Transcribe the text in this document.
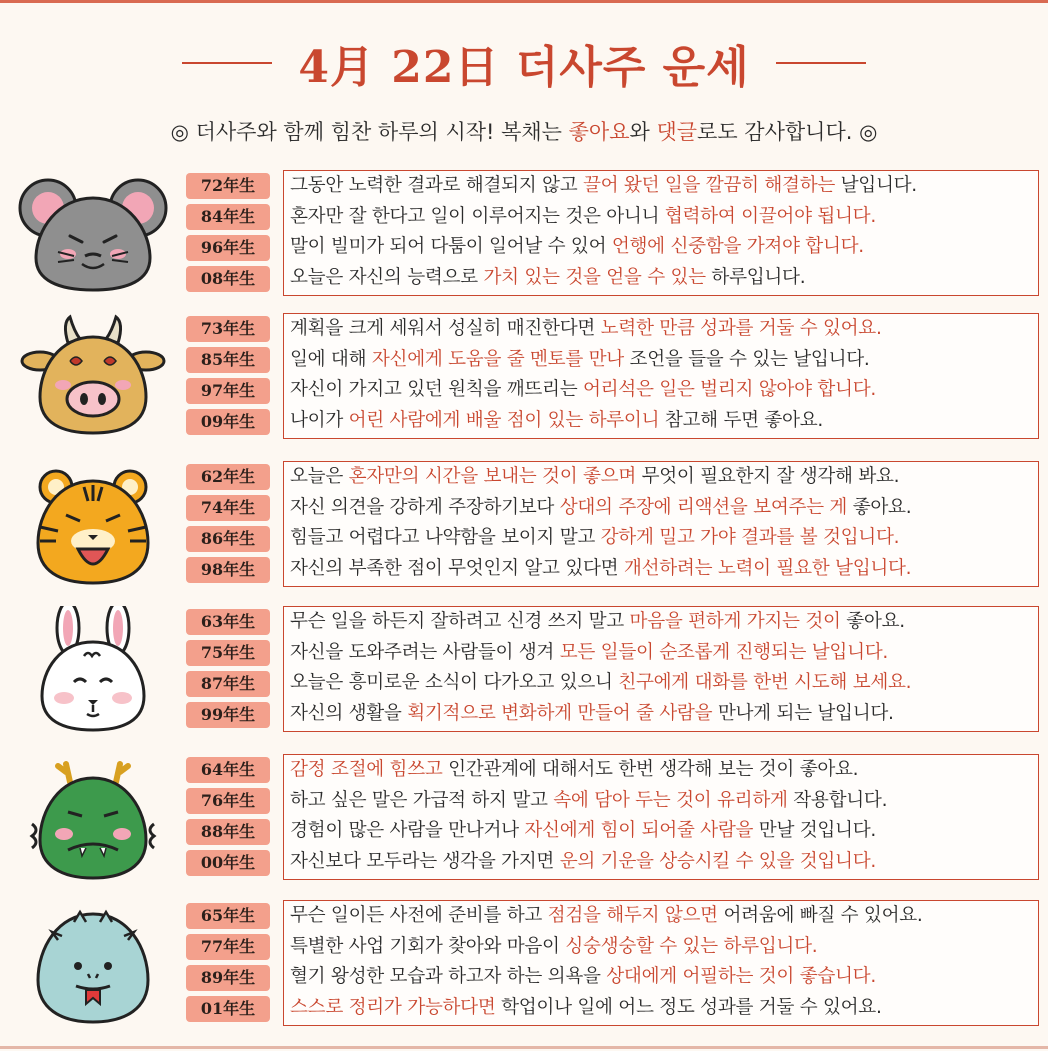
4月 22日 더사주 운세
◎ 더사주와 함께 힘찬 하루의 시작! 복채는 좋아요와 댓글로도 감사합니다. ◎
72年生
84年生
96年生
08年生
그동안 노력한 결과로 해결되지 않고 끌어 왔던 일을 깔끔히 해결하는 날입니다.
혼자만 잘 한다고 일이 이루어지는 것은 아니니 협력하여 이끌어야 됩니다.
말이 빌미가 되어 다툼이 일어날 수 있어 언행에 신중함을 가져야 합니다.
오늘은 자신의 능력으로 가치 있는 것을 얻을 수 있는 하루입니다.
73年生
85年生
97年生
09年生
계획을 크게 세워서 성실히 매진한다면 노력한 만큼 성과를 거둘 수 있어요.
일에 대해 자신에게 도움을 줄 멘토를 만나 조언을 들을 수 있는 날입니다.
자신이 가지고 있던 원칙을 깨뜨리는 어리석은 일은 벌리지 않아야 합니다.
나이가 어린 사람에게 배울 점이 있는 하루이니 참고해 두면 좋아요.
62年生
74年生
86年生
98年生
오늘은 혼자만의 시간을 보내는 것이 좋으며 무엇이 필요한지 잘 생각해 봐요.
자신 의견을 강하게 주장하기보다 상대의 주장에 리액션을 보여주는 게 좋아요.
힘들고 어렵다고 나약함을 보이지 말고 강하게 밀고 가야 결과를 볼 것입니다.
자신의 부족한 점이 무엇인지 알고 있다면 개선하려는 노력이 필요한 날입니다.
63年生
75年生
87年生
99年生
무슨 일을 하든지 잘하려고 신경 쓰지 말고 마음을 편하게 가지는 것이 좋아요.
자신을 도와주려는 사람들이 생겨 모든 일들이 순조롭게 진행되는 날입니다.
오늘은 흥미로운 소식이 다가오고 있으니 친구에게 대화를 한번 시도해 보세요.
자신의 생활을 획기적으로 변화하게 만들어 줄 사람을 만나게 되는 날입니다.
64年生
76年生
88年生
00年生
감정 조절에 힘쓰고 인간관계에 대해서도 한번 생각해 보는 것이 좋아요.
하고 싶은 말은 가급적 하지 말고 속에 담아 두는 것이 유리하게 작용합니다.
경험이 많은 사람을 만나거나 자신에게 힘이 되어줄 사람을 만날 것입니다.
자신보다 모두라는 생각을 가지면 운의 기운을 상승시킬 수 있을 것입니다.
65年生
77年生
89年生
01年生
무슨 일이든 사전에 준비를 하고 점검을 해두지 않으면 어려움에 빠질 수 있어요.
특별한 사업 기회가 찾아와 마음이 싱숭생숭할 수 있는 하루입니다.
혈기 왕성한 모습과 하고자 하는 의욕을 상대에게 어필하는 것이 좋습니다.
스스로 정리가 가능하다면 학업이나 일에 어느 정도 성과를 거둘 수 있어요.
